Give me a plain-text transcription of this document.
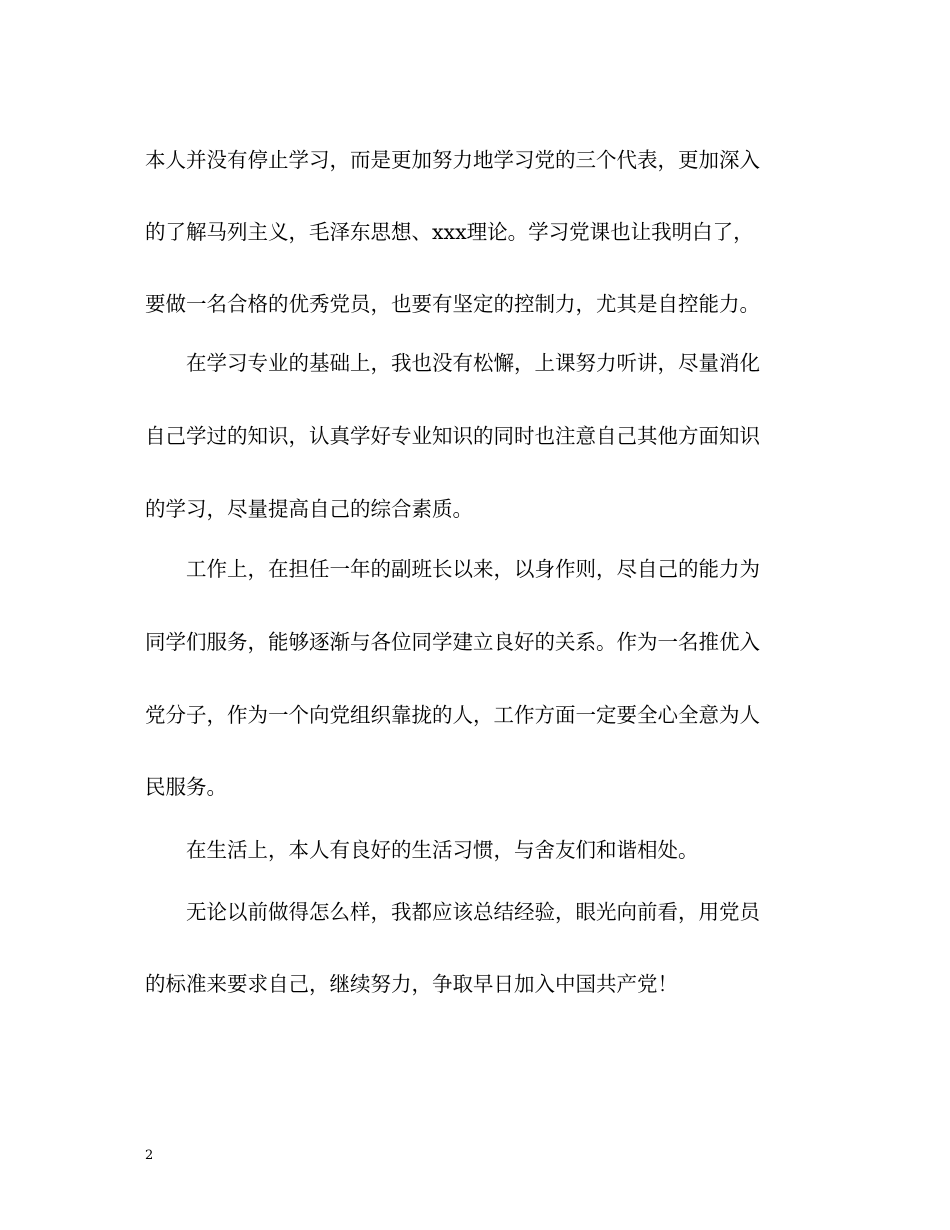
本人并没有停止学习，而是更加努力地学习党的三个代表，更加深入
的了解马列主义，毛泽东思想、xxx理论。学习党课也让我明白了，
要做一名合格的优秀党员，也要有坚定的控制力，尤其是自控能力。
在学习专业的基础上，我也没有松懈，上课努力听讲，尽量消化
自己学过的知识，认真学好专业知识的同时也注意自己其他方面知识
的学习，尽量提高自己的综合素质。
工作上，在担任一年的副班长以来，以身作则，尽自己的能力为
同学们服务，能够逐渐与各位同学建立良好的关系。作为一名推优入
党分子，作为一个向党组织靠拢的人，工作方面一定要全心全意为人
民服务。
在生活上，本人有良好的生活习惯，与舍友们和谐相处。
无论以前做得怎么样，我都应该总结经验，眼光向前看，用党员
的标准来要求自己，继续努力，争取早日加入中国共产党！
2
